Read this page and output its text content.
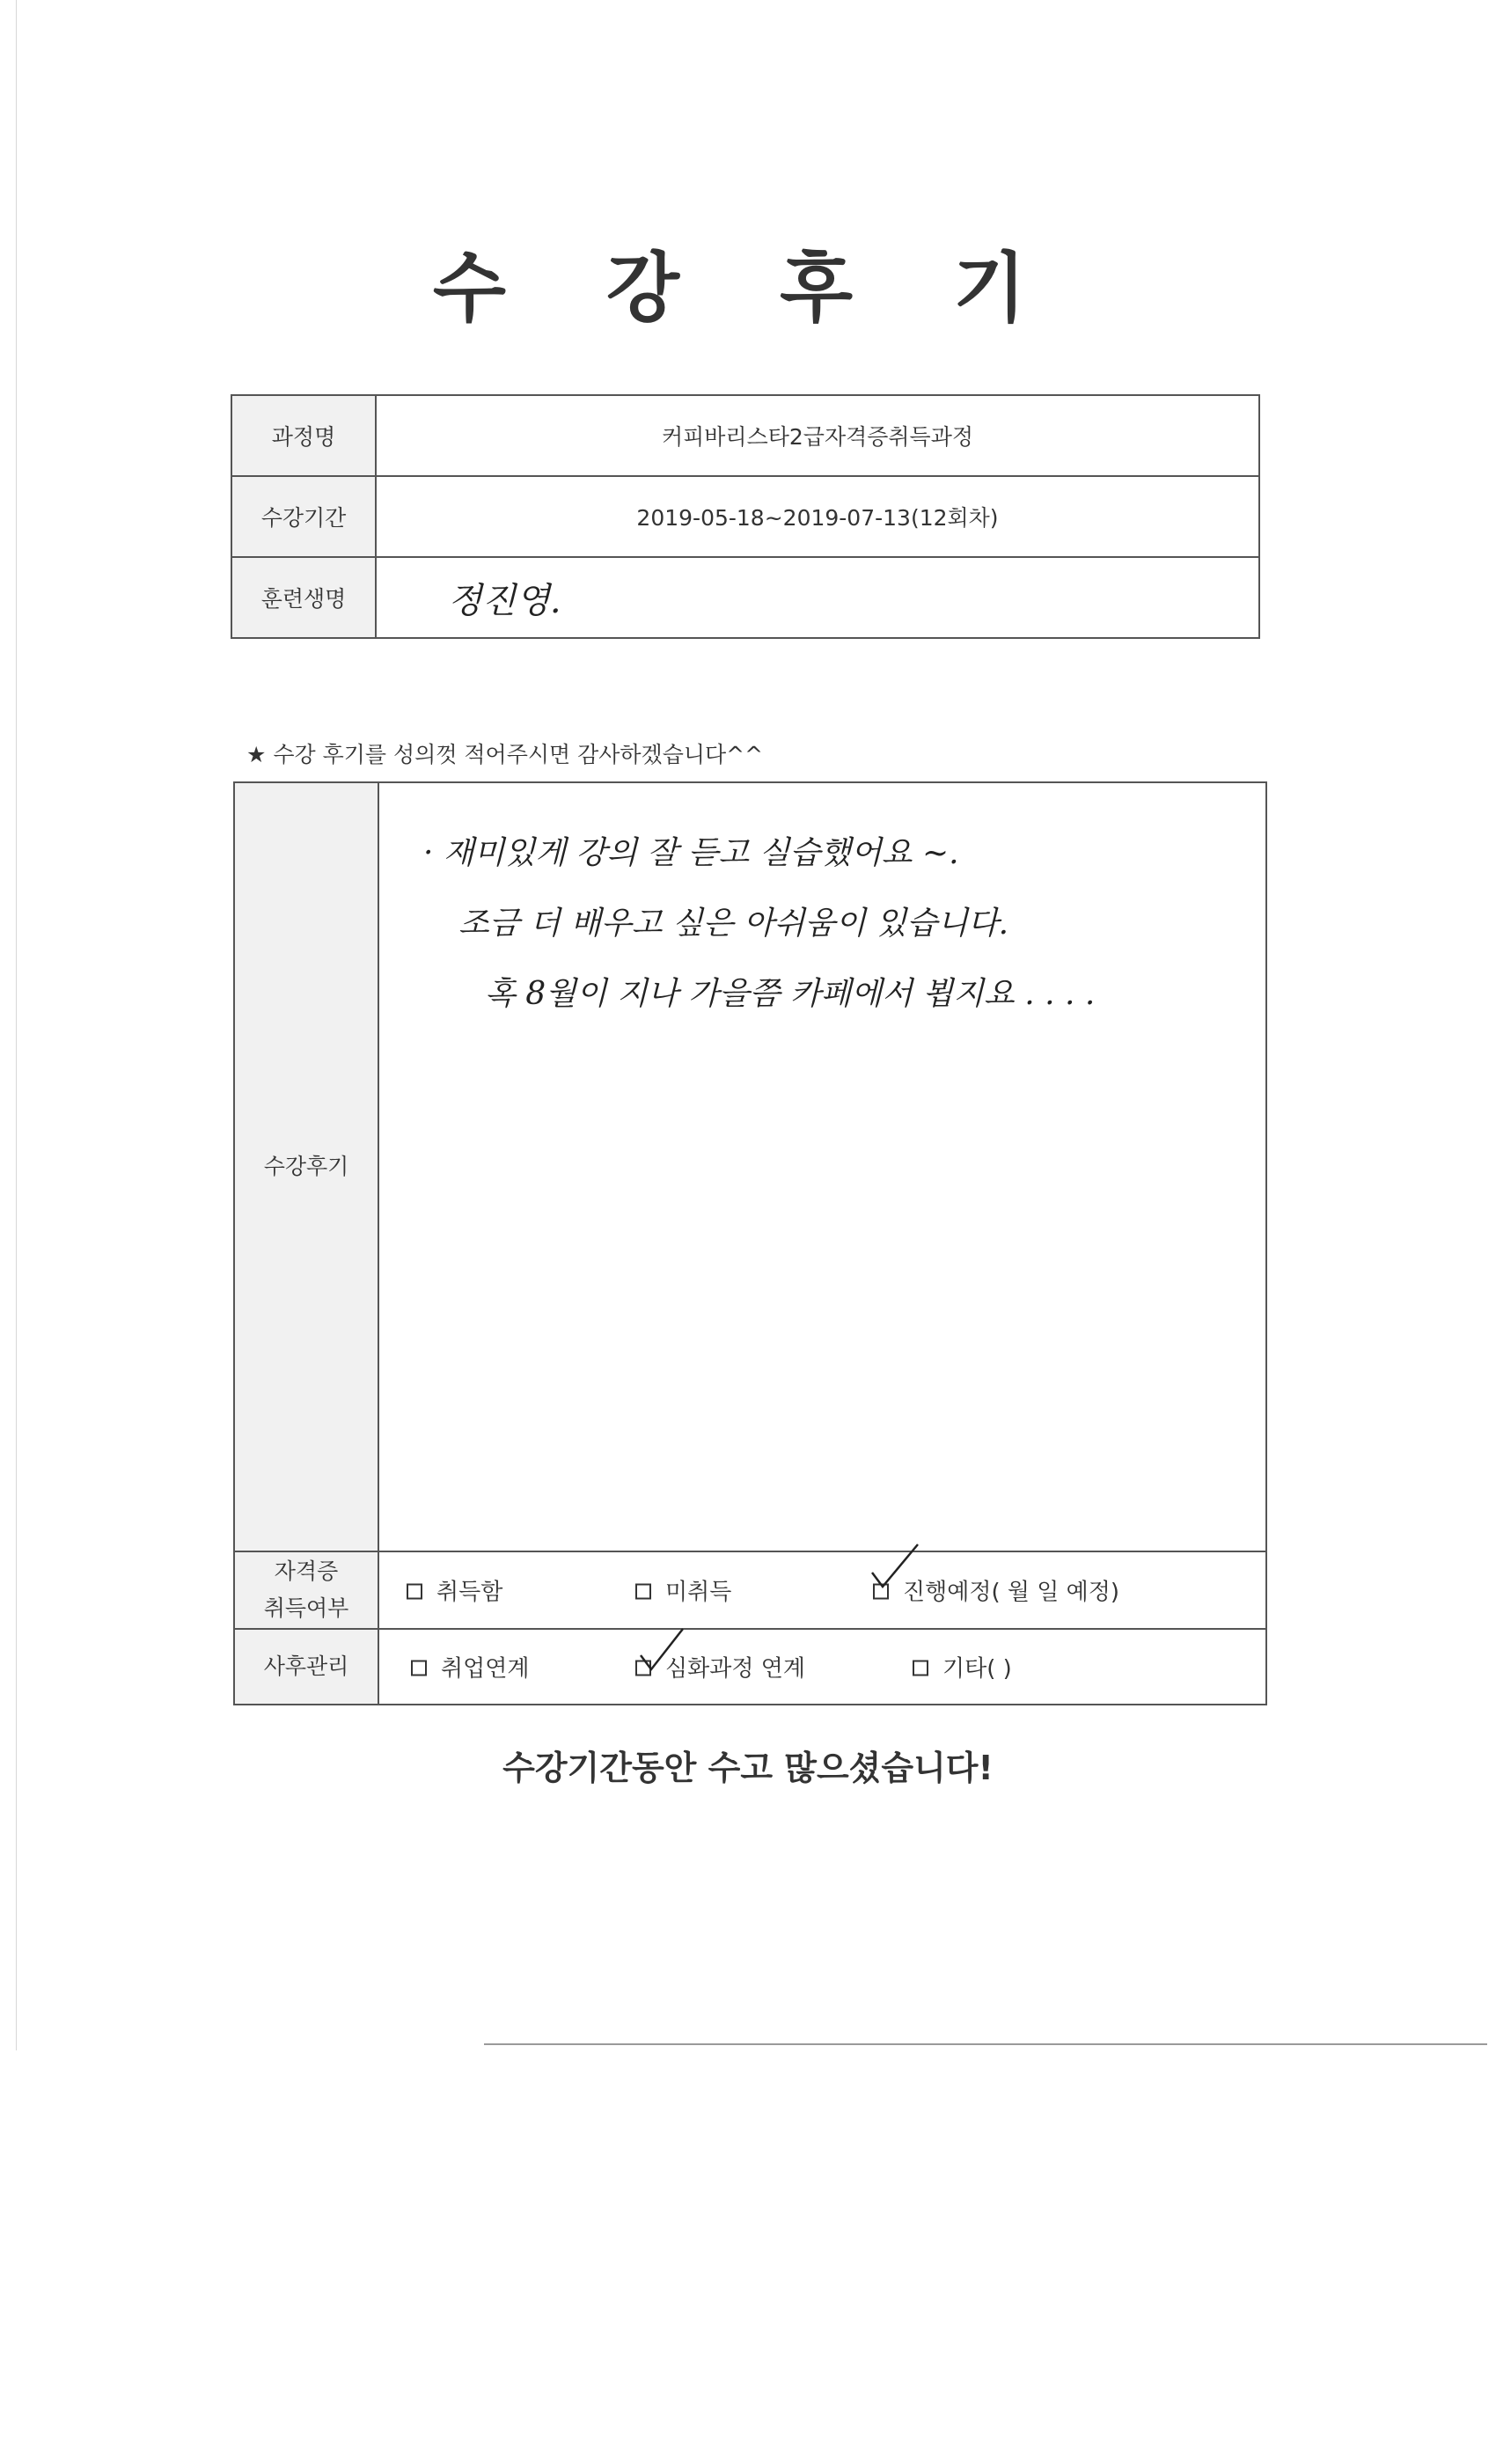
수 강 후 기
과정명	커피바리스타2급자격증취득과정
수강기간	2019-05-18~2019-07-13(12회차)
훈련생명	정진영.
★ 수강 후기를 성의껏 적어주시면 감사하겠습니다^^
수강후기	· 재미있게 강의 잘 듣고 실습했어요 ~.
조금 더 배우고 싶은 아쉬움이 있습니다.
혹 8월이 지나 가을쯤 카페에서 뵙지요 . . . .

자격증
취득여부	취득함 미취득 진행예정( 월 일 예정)

사후관리	취업연계 심화과정 연계 기타( )
수강기간동안 수고 많으셨습니다!
